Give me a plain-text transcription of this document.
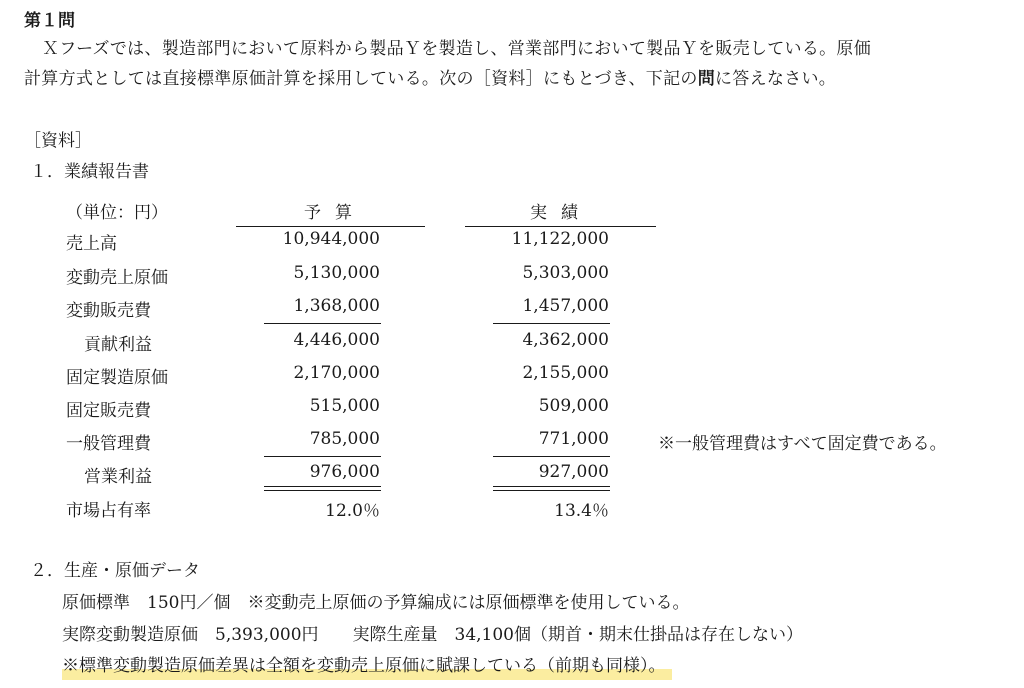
第１問
Ｘフーズでは、製造部門において原料から製品Ｙを製造し、営業部門において製品Ｙを販売している。原価
計算方式としては直接標準原価計算を採用している。次の［資料］にもとづき、下記の問に答えなさい。
［資料］
１．業績報告書
（単位：円）	予算	実績
売上高	10,944,000	11,122,000
変動売上原価	5,130,000	5,303,000
変動販売費	1,368,000	1,457,000
貢献利益	4,446,000	4,362,000
固定製造原価	2,170,000	2,155,000
固定販売費	515,000	509,000
一般管理費	785,000	771,000	※一般管理費はすべて固定費である。
営業利益	976,000	927,000
市場占有率	12.0％	13.4％
２．生産・原価データ
原価標準　150円／個　※変動売上原価の予算編成には原価標準を使用している。
実際変動製造原価　5,393,000円　　実際生産量　34,100個（期首・期末仕掛品は存在しない）
※標準変動製造原価差異は全額を変動売上原価に賦課している（前期も同様）。
